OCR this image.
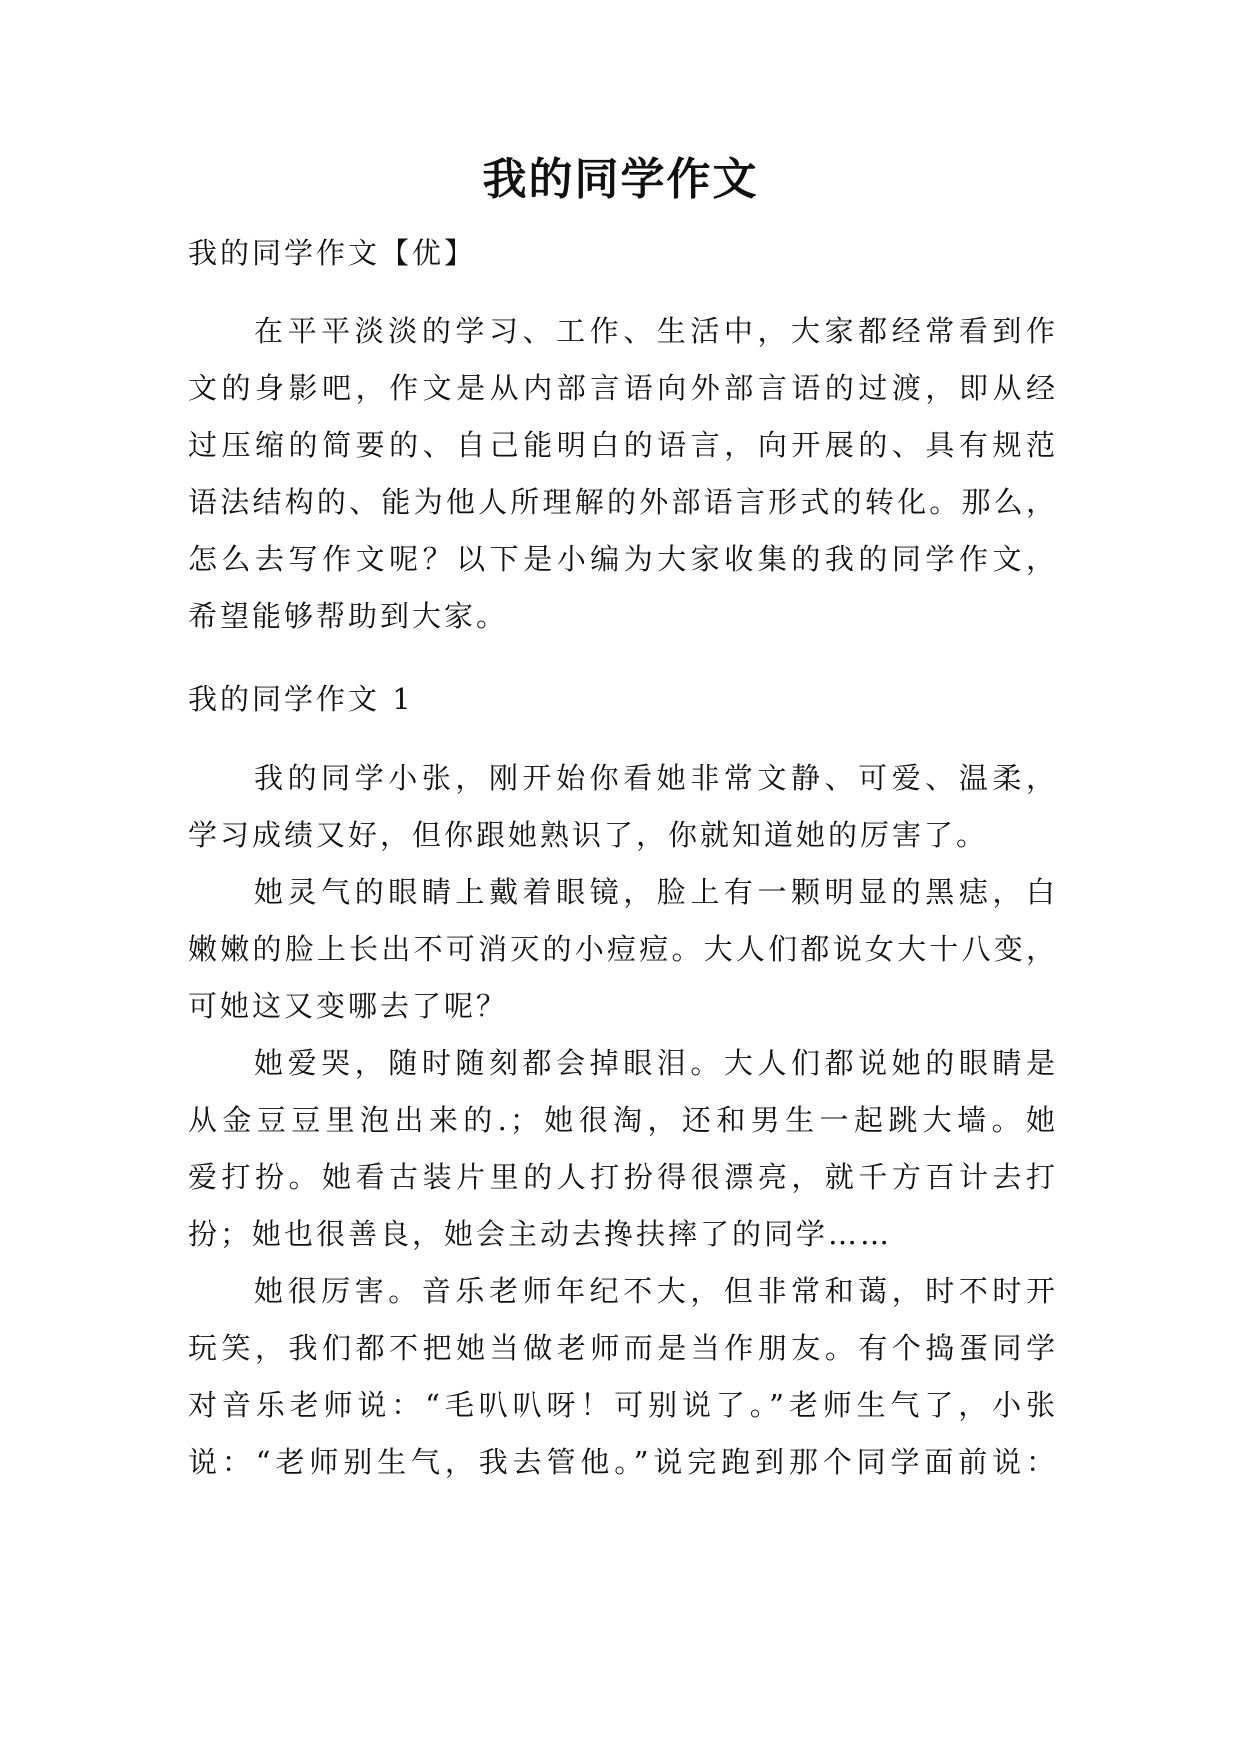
我的同学作文
我的同学作文【优】
在平平淡淡的学习、工作、生活中，大家都经常看到作
文的身影吧，作文是从内部言语向外部言语的过渡，即从经
过压缩的简要的、自己能明白的语言，向开展的、具有规范
语法结构的、能为他人所理解的外部语言形式的转化。那么，
怎么去写作文呢？以下是小编为大家收集的我的同学作文，
希望能够帮助到大家。
我的同学作文 1
我的同学小张，刚开始你看她非常文静、可爱、温柔，
学习成绩又好，但你跟她熟识了，你就知道她的厉害了。
她灵气的眼睛上戴着眼镜，脸上有一颗明显的黑痣，白
嫩嫩的脸上长出不可消灭的小痘痘。大人们都说女大十八变，
可她这又变哪去了呢？
她爱哭，随时随刻都会掉眼泪。大人们都说她的眼睛是
从金豆豆里泡出来的.；她很淘，还和男生一起跳大墙。她
爱打扮。她看古装片里的人打扮得很漂亮，就千方百计去打
扮；她也很善良，她会主动去搀扶摔了的同学……
她很厉害。音乐老师年纪不大，但非常和蔼，时不时开
玩笑，我们都不把她当做老师而是当作朋友。有个捣蛋同学
对音乐老师说：“毛叭叭呀！可别说了。”老师生气了，小张
说：“老师别生气，我去管他。”说完跑到那个同学面前说：
